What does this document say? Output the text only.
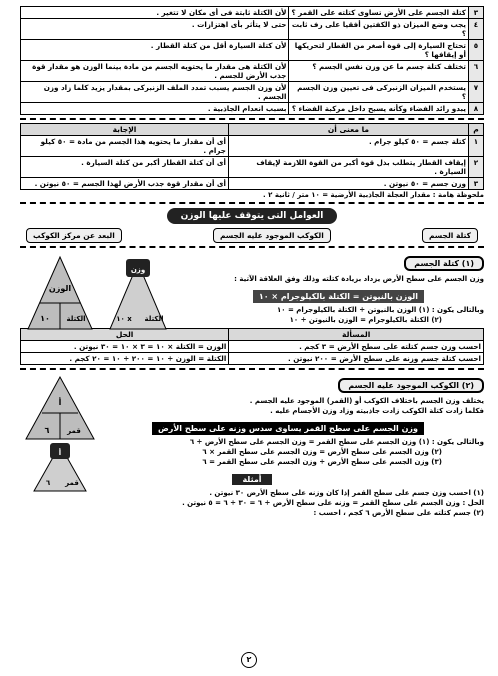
٣	كتلة الجسم على الأرض تساوى كتلته على القمر ؟	لأن الكتلة ثابتة فى أى مكان لا تتغير .
٤	يجب وضع الميزان ذو الكفتين أفقيا على رف ثابت ؟	حتى لا يتأثر بأى اهتزازات .
٥	تحتاج السيارة إلى قوة أصغر من القطار لتحريكها أو إيقافها ؟	لأن كتلة السيارة أقل من كتلة القطار .
٦	تختلف كتلة جسم ما عن وزن نفس الجسم ؟	لأن الكتلة هى مقدار ما يحتويه الجسم من مادة بينما الوزن هو مقدار قوة جذب الأرض للجسم .
٧	يستخدم الميزان الزنبركى فى تعيين وزن الجسم ؟	لأن وزن الجسم يسبب تمدد الملف الزنبركى بمقدار يزيد كلما زاد وزن الجسم .
٨	يبدو رائد الفضاء وكأنه يسبح داخل مركبة الفضاء ؟	بسبب انعدام الجاذبية .
م	ما معنى أن	الإجابة
١	كتلة جسم = ٥٠ كيلو جرام .	أى أن مقدار ما يحتويه هذا الجسم من مادة = ٥٠ كيلو جرام .
٢	إيقاف القطار يتطلب بذل قوة أكبر من القوة اللازمة لإيقاف السيارة .	أى أن كتلة القطار أكبر من كتلة السيارة .
٣	وزن جسم = ٥٠ نيوتن .	أى أن مقدار قوة جذب الأرض لهذا الجسم = ٥٠ نيوتن .
ملحوظة هامة : مقدار العجلة الجاذبية الأرضية = ١٠ متر / ثانية ٢ .
العوامل التى يتوقف عليها الوزن
كتلة الجسم
الكوكب الموجود عليه الجسم
البعد عن مركز الكوكب
(١) كتلة الجسم
وزن الجسم على سطح الأرض يزداد بزيادة كتلته وذلك وفق العلاقة الآتية :
الوزن بالنيوتن = الكتلة بالكيلوجرام × ١٠
وبالتالى يكون : (١) الوزن بالنيوتن ÷ الكتلة بالكيلوجرام = ١٠
(٢) الكتلة بالكيلوجرام = الوزن بالنيوتن ÷ ١٠
الوزن
١٠ الكتلة
وزن
١٠ x الكتلة
المسألة	الحل
احسب وزن جسم كتلته على سطح الأرض = ٣ كجم .	الوزن = الكتلة × ١٠ = ٣ × ١٠ = ٣٠ نيوتن .
احسب كتلة جسم وزنه على سطح الأرض = ٢٠٠ نيوتن .	الكتلة = الوزن ÷ ١٠ = ٢٠٠ ÷ ١٠ = ٢٠ كجم .
(٢) الكوكب الموجود عليه الجسم
يختلف وزن الجسم باختلاف الكوكب أو (القمر) الموجود عليه الجسم .
فكلما زادت كتلة الكوكب زادت جاذبيته وزاد وزن الأجسام عليه .
وزن الجسم على سطح القمر يساوى سدس وزنه على سطح الأرض
وبالتالى يكون : (١) وزن الجسم على سطح القمر = وزن الجسم على سطح الأرض ÷ ٦
(٢) وزن الجسم على سطح الأرض = وزن الجسم على سطح القمر × ٦
(٣) وزن الجسم على سطح الأرض ÷ وزن الجسم على سطح القمر = ٦
أمثلة
أ
٦	قمر
أ
٦ قمر
(١) احسب وزن جسم على سطح القمر إذا كان وزنه على سطح الأرض ٣٠ نيوتن .
الحل : وزن الجسم على سطح القمر = وزنه على سطح الأرض ÷ ٦ = ٣٠ ÷ ٦ = ٥ نيوتن .
(٢) جسم كتلته على سطح الأرض ٦ كجم ، احسب :
٢
